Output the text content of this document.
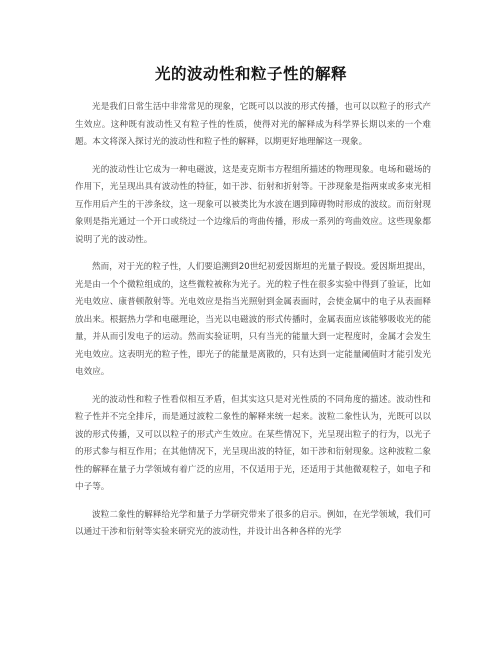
光的波动性和粒子性的解释

光是我们日常生活中非常常见的现象，它既可以以波的形式传播，也可以以粒子的形式产生效应。这种既有波动性又有粒子性的性质，使得对光的解释成为科学界长期以来的一个难题。本文将深入探讨光的波动性和粒子性的解释，以期更好地理解这一现象。

光的波动性让它成为一种电磁波，这是麦克斯韦方程组所描述的物理现象。电场和磁场的作用下，光呈现出具有波动性的特征，如干涉、衍射和折射等。干涉现象是指两束或多束光相互作用后产生的干涉条纹，这一现象可以被类比为水波在遇到障碍物时形成的波纹。而衍射现象则是指光通过一个开口或绕过一个边缘后的弯曲传播，形成一系列的弯曲效应。这些现象都说明了光的波动性。

然而，对于光的粒子性，人们要追溯到20世纪初爱因斯坦的光量子假设。爱因斯坦提出，光是由一个个微粒组成的，这些微粒被称为光子。光的粒子性在很多实验中得到了验证，比如光电效应、康普顿散射等。光电效应是指当光照射到金属表面时，会使金属中的电子从表面释放出来。根据热力学和电磁理论，当光以电磁波的形式传播时，金属表面应该能够吸收光的能量，并从而引发电子的运动。然而实验证明，只有当光的能量大到一定程度时，金属才会发生光电效应。这表明光的粒子性，即光子的能量是离散的，只有达到一定能量阈值时才能引发光电效应。

光的波动性和粒子性看似相互矛盾，但其实这只是对光性质的不同角度的描述。波动性和粒子性并不完全排斥，而是通过波粒二象性的解释来统一起来。波粒二象性认为，光既可以以波的形式传播，又可以以粒子的形式产生效应。在某些情况下，光呈现出粒子的行为，以光子的形式参与相互作用；在其他情况下，光呈现出波的特征，如干涉和衍射现象。这种波粒二象性的解释在量子力学领域有着广泛的应用，不仅适用于光，还适用于其他微观粒子，如电子和中子等。

波粒二象性的解释给光学和量子力学研究带来了很多的启示。例如，在光学领域，我们可以通过干涉和衍射等实验来研究光的波动性，并设计出各种各样的光学
